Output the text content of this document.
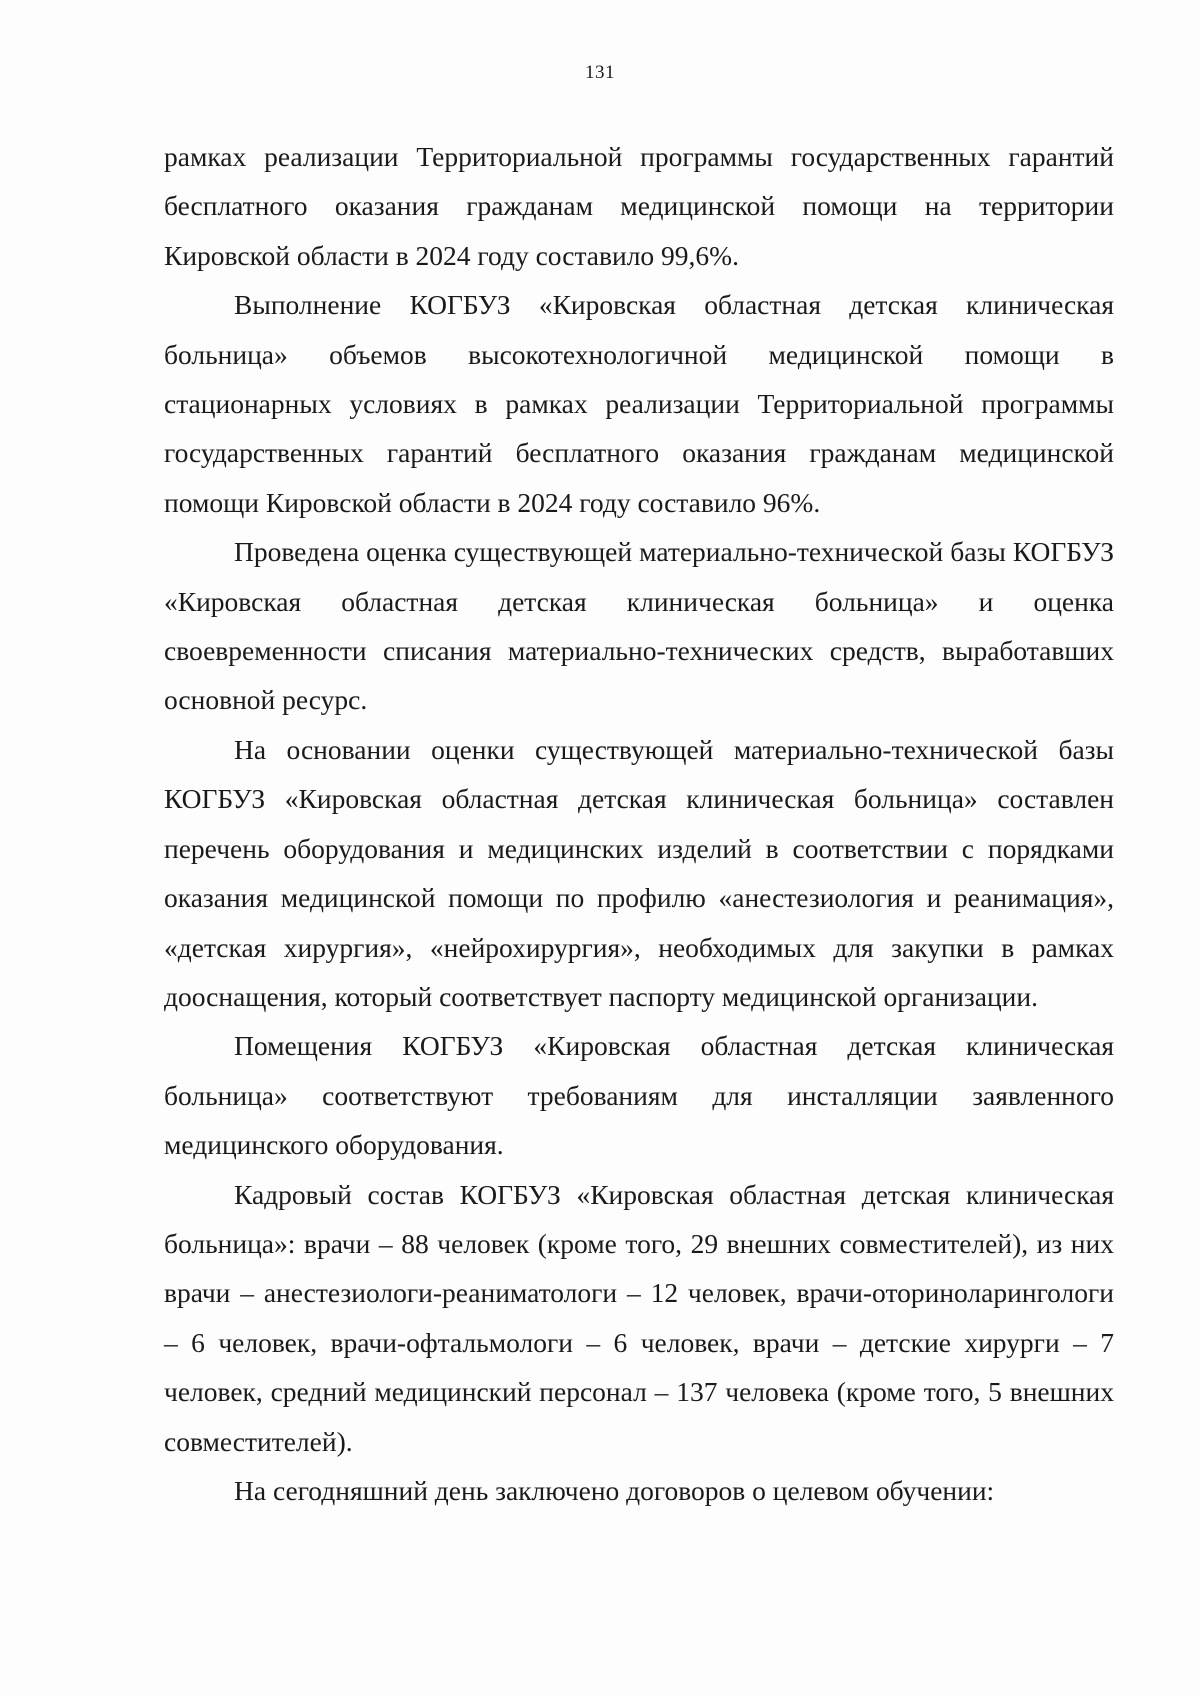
131

рамках реализации Территориальной программы государственных гарантий бесплатного оказания гражданам медицинской помощи на территории Кировской области в 2024 году составило 99,6%.

Выполнение КОГБУЗ «Кировская областная детская клиническая больница» объемов высокотехнологичной медицинской помощи в стационарных условиях в рамках реализации Территориальной программы государственных гарантий бесплатного оказания гражданам медицинской помощи Кировской области в 2024 году составило 96%.

Проведена оценка существующей материально-технической базы КОГБУЗ «Кировская областная детская клиническая больница» и оценка своевременности списания материально-технических средств, выработавших основной ресурс.

На основании оценки существующей материально-технической базы КОГБУЗ «Кировская областная детская клиническая больница» составлен перечень оборудования и медицинских изделий в соответствии с порядками оказания медицинской помощи по профилю «анестезиология и реанимация», «детская хирургия», «нейрохирургия», необходимых для закупки в рамках дооснащения, который соответствует паспорту медицинской организации.

Помещения КОГБУЗ «Кировская областная детская клиническая больница» соответствуют требованиям для инсталляции заявленного медицинского оборудования.

Кадровый состав КОГБУЗ «Кировская областная детская клиническая больница»: врачи – 88 человек (кроме того, 29 внешних совместителей), из них врачи – анестезиологи-реаниматологи – 12 человек, врачи-оториноларингологи – 6 человек, врачи-офтальмологи – 6 человек, врачи – детские хирурги – 7 человек, средний медицинский персонал – 137 человека (кроме того, 5 внешних совместителей).

На сегодняшний день заключено договоров о целевом обучении:
